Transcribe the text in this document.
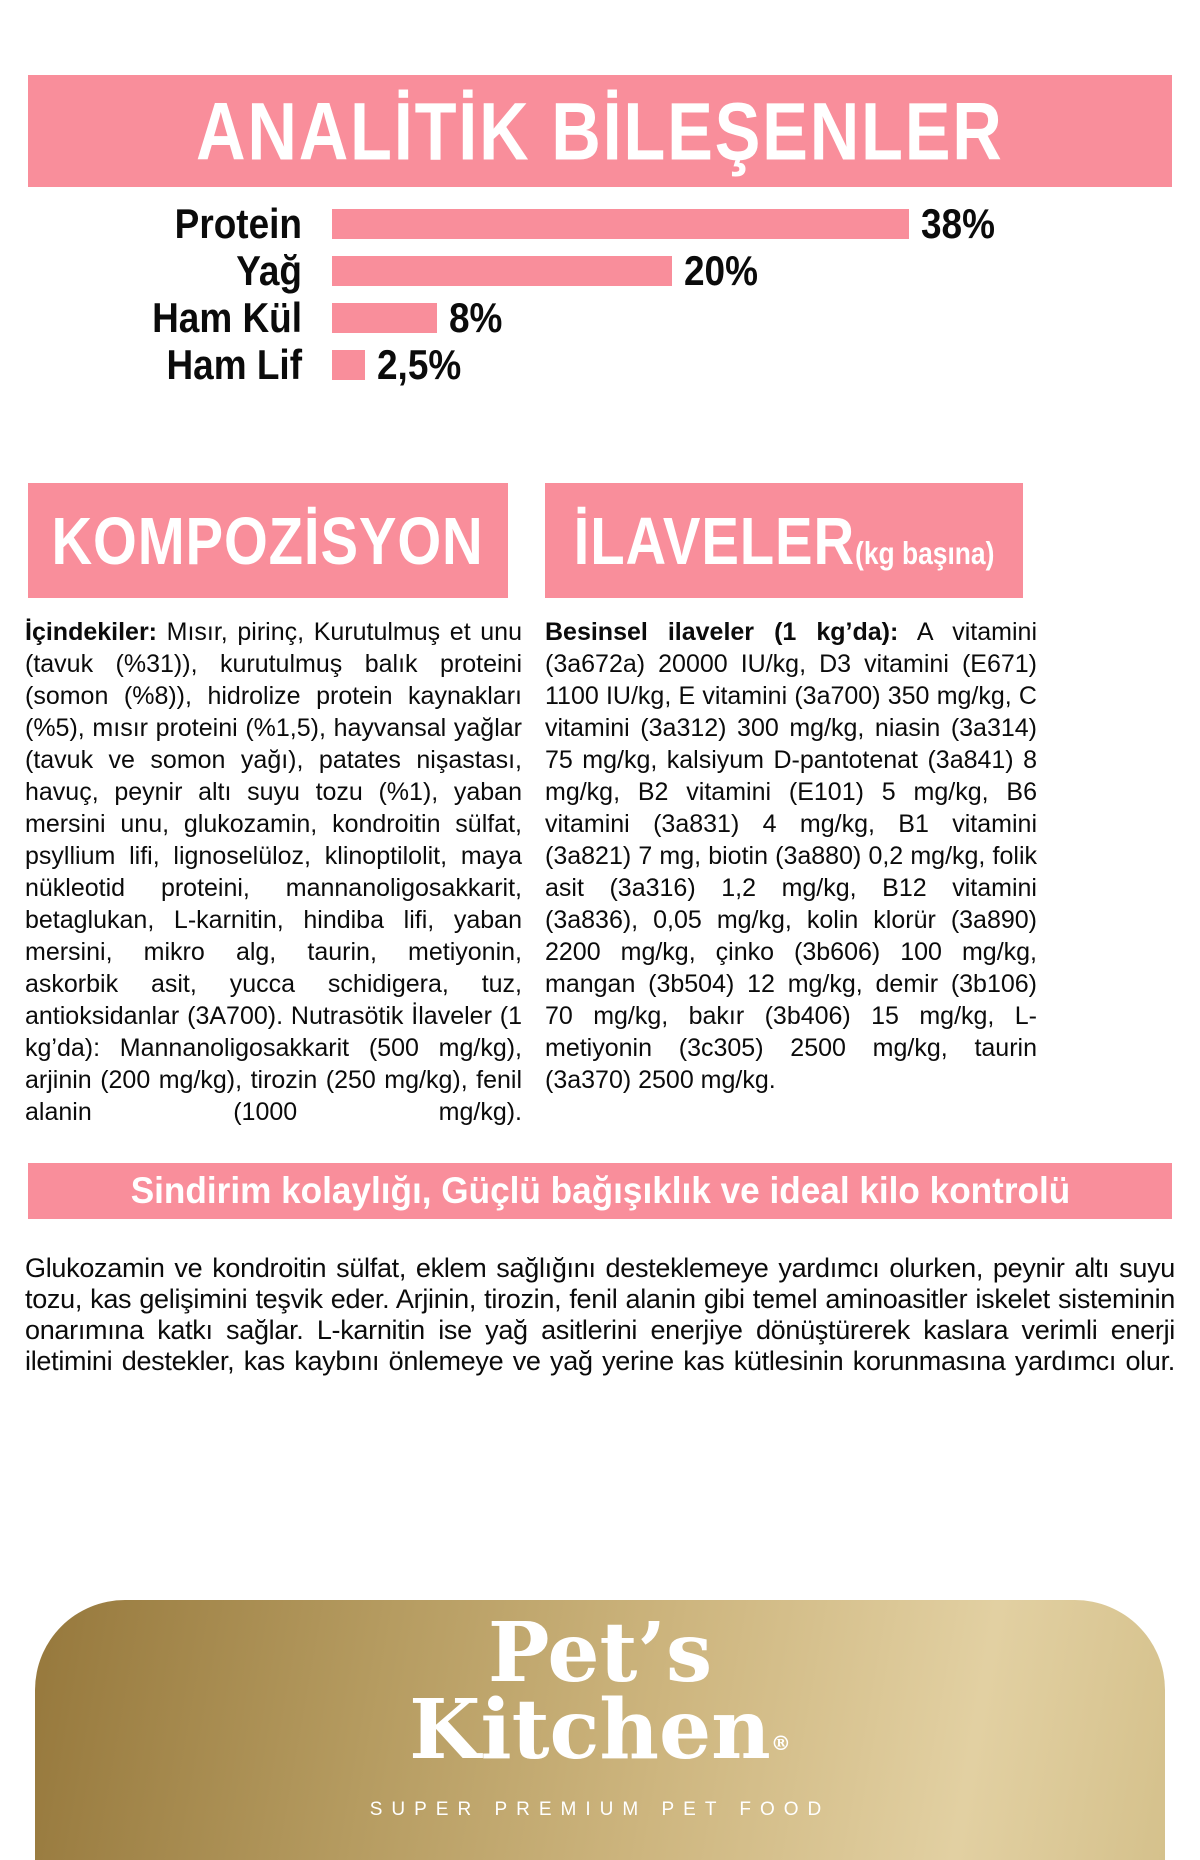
ANALİTİK BİLEŞENLER
Protein	38%
Yağ	20%
Ham Kül	8%
Ham Lif 2,5%
KOMPOZİSYON İLAVELER(kg başına)
İçindekiler: Mısır, pirinç, Kurutulmuş et unu (tavuk (%31)), kurutulmuş balık proteini (somon (%8)), hidrolize protein kaynakları (%5), mısır proteini (%1,5), hayvansal yağlar (tavuk ve somon yağı), patates nişastası, havuç, peynir altı suyu tozu (%1), yaban mersini unu, glukozamin, kondroitin sülfat, psyllium lifi, lignoselüloz, klinoptilolit, maya nükleotid proteini, mannanoligosakkarit, betaglukan, L-karnitin, hindiba lifi, yaban mersini, mikro alg, taurin, metiyonin, askorbik asit, yucca schidigera, tuz, antioksidanlar (3A700). Nutrasötik İlaveler (1 kg’da): Mannanoligosakkarit (500 mg/kg), arjinin (200 mg/kg), tirozin (250 mg/kg), fenil alanin (1000 mg/kg).
Besinsel ilaveler (1 kg’da): A vitamini (3a672a) 20000 IU/kg, D3 vitamini (E671) 1100 IU/kg, E vitamini (3a700) 350 mg/kg, C vitamini (3a312) 300 mg/kg, niasin (3a314) 75 mg/kg, kalsiyum D-pantotenat (3a841) 8 mg/kg, B2 vitamini (E101) 5 mg/kg, B6 vitamini (3a831) 4 mg/kg, B1 vitamini (3a821) 7 mg, biotin (3a880) 0,2 mg/kg, folik asit (3a316) 1,2 mg/kg, B12 vitamini (3a836), 0,05 mg/kg, kolin klorür (3a890) 2200 mg/kg, çinko (3b606) 100 mg/kg, mangan (3b504) 12 mg/kg, demir (3b106) 70 mg/kg, bakır (3b406) 15 mg/kg, L-metiyonin (3c305) 2500 mg/kg, taurin (3a370) 2500 mg/kg.
Sindirim kolaylığı, Güçlü bağışıklık ve ideal kilo kontrolü
Glukozamin ve kondroitin sülfat, eklem sağlığını desteklemeye yardımcı olurken, peynir altı suyu tozu, kas gelişimini teşvik eder. Arjinin, tirozin, fenil alanin gibi temel aminoasitler iskelet sisteminin onarımına katkı sağlar. L-karnitin ise yağ asitlerini enerjiye dönüştürerek kaslara verimli enerji iletimini destekler, kas kaybını önlemeye ve yağ yerine kas kütlesinin korunmasına yardımcı olur.
Pet’s
Kitchen®
SUPER PREMIUM PET FOOD
